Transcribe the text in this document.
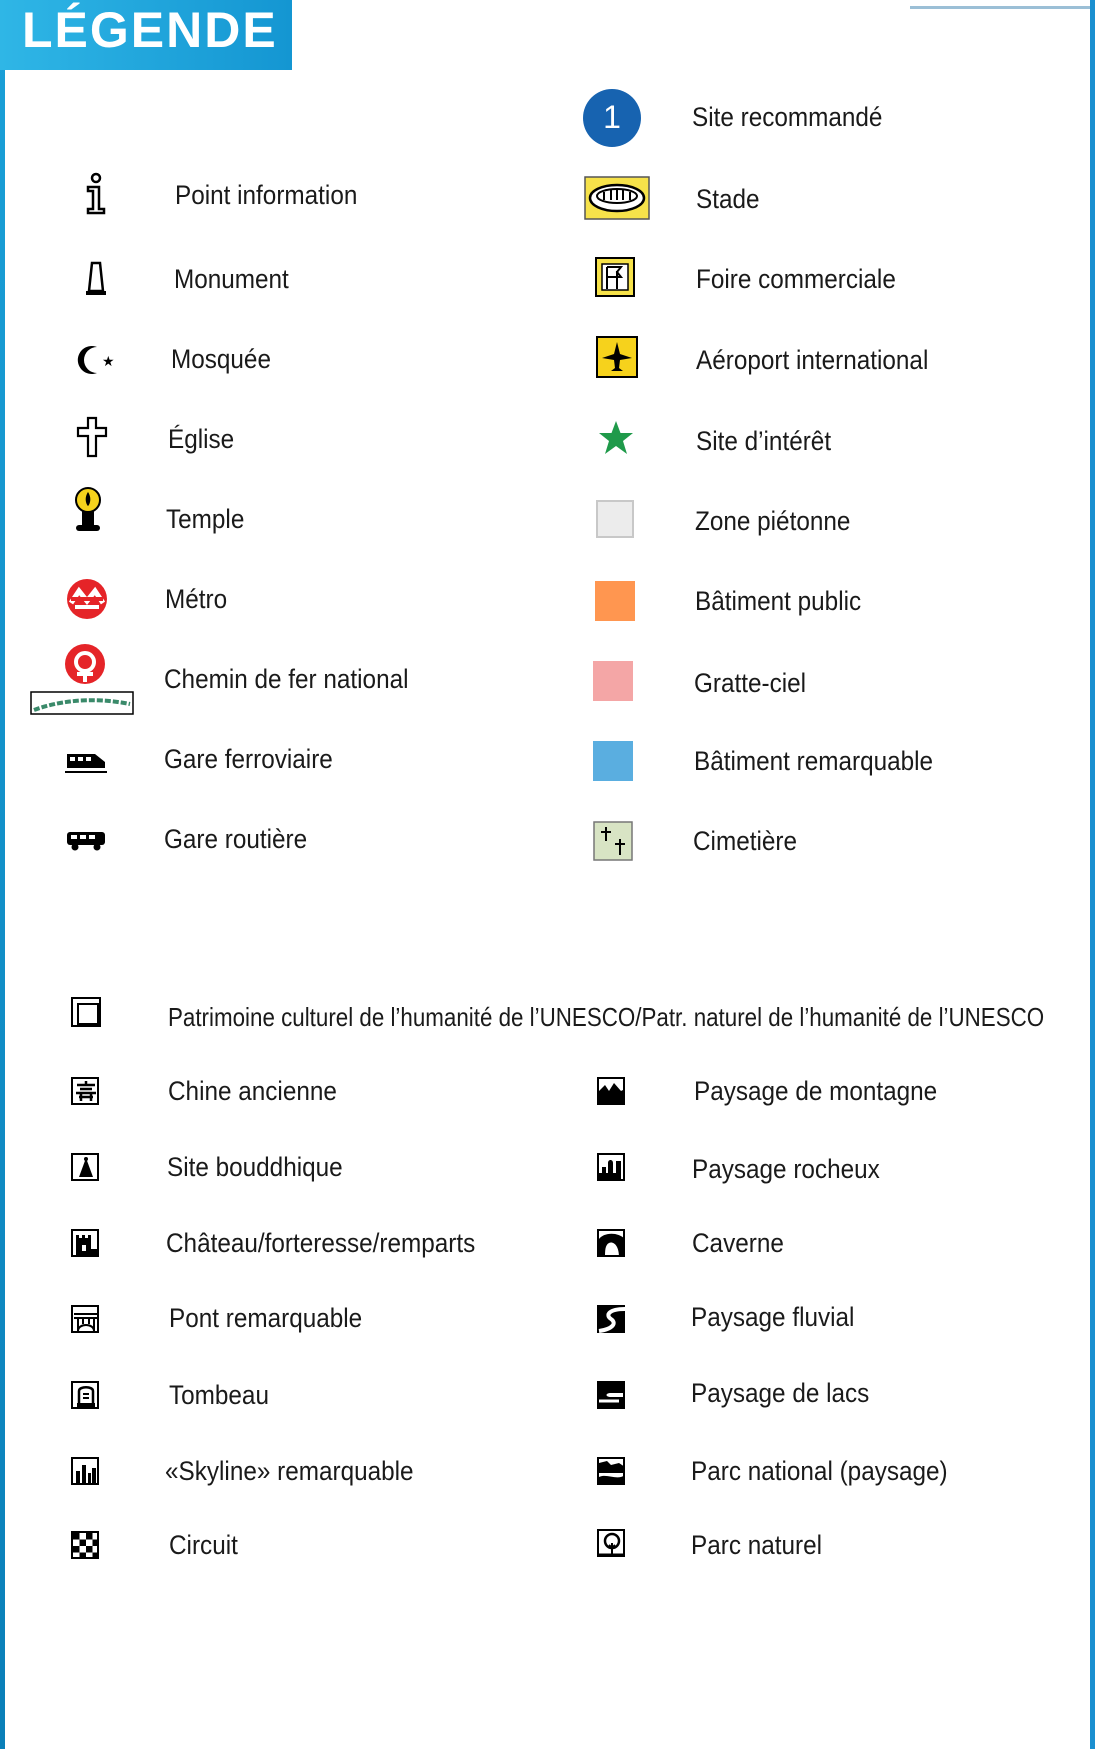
LÉGENDE
Point information
Monument
★ Mosquée
Église
Temple
Métro
Chemin de fer national
Gare ferroviaire
Gare routière
1	Site recommandé
Stade
Foire commerciale
Aéroport international
Site d’intérêt
Zone piétonne
Bâtiment public
Gratte-ciel
Bâtiment remarquable
Cimetière
Patrimoine culturel de l’humanité de l’UNESCO/Patr. naturel de l’humanité de l’UNESCO
Chine ancienne
Site bouddhique
Château/forteresse/remparts
Pont remarquable
Tombeau
«Skyline» remarquable
Circuit
Paysage de montagne
Paysage rocheux
Caverne
Paysage fluvial
Paysage de lacs
Parc national (paysage)
Parc naturel
